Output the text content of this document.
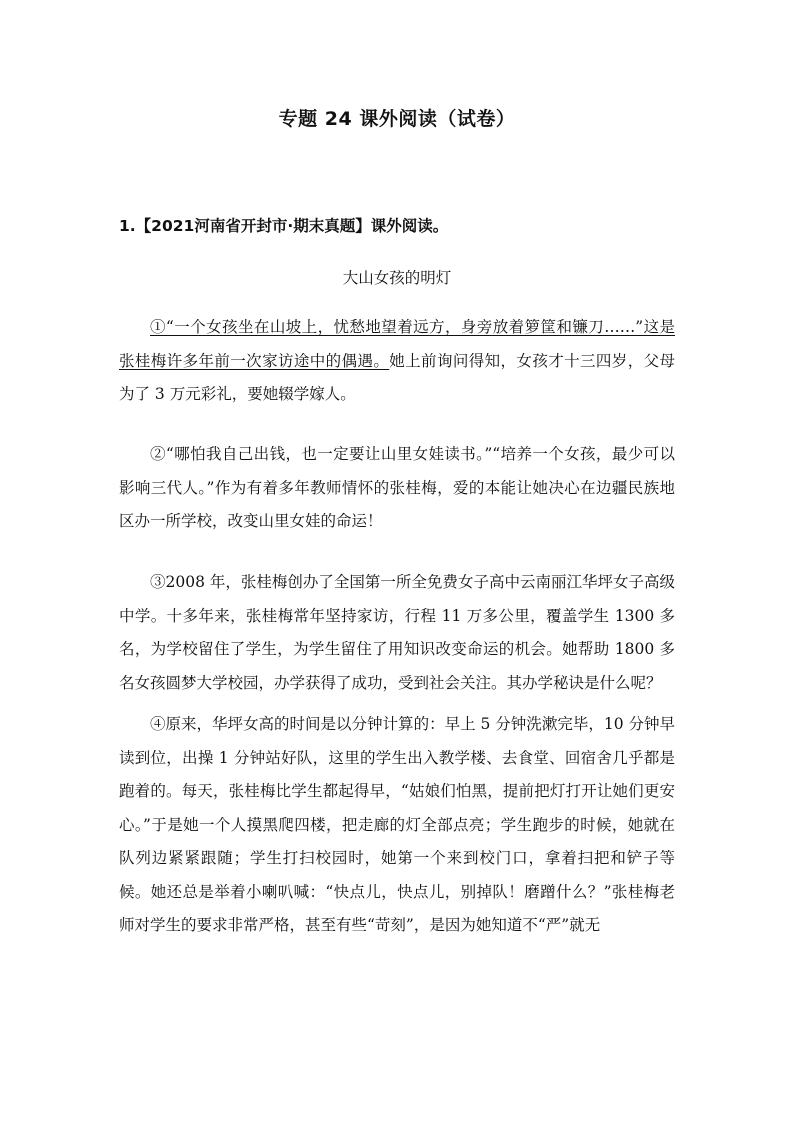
专题 24 课外阅读（试卷）
1.【2021河南省开封市·期末真题】课外阅读。
大山女孩的明灯

①“一个女孩坐在山坡上，忧愁地望着远方，身旁放着箩筐和镰刀……”这是张桂梅许多年前一次家访途中的偶遇。她上前询问得知，女孩才十三四岁，父母为了 3 万元彩礼，要她辍学嫁人。

②“哪怕我自己出钱，也一定要让山里女娃读书。”“培养一个女孩，最少可以影响三代人。”作为有着多年教师情怀的张桂梅，爱的本能让她决心在边疆民族地区办一所学校，改变山里女娃的命运！

③2008 年，张桂梅创办了全国第一所全免费女子高中云南丽江华坪女子高级中学。十多年来，张桂梅常年坚持家访，行程 11 万多公里，覆盖学生 1300 多名，为学校留住了学生，为学生留住了用知识改变命运的机会。她帮助 1800 多名女孩圆梦大学校园，办学获得了成功，受到社会关注。其办学秘诀是什么呢？

④原来，华坪女高的时间是以分钟计算的：早上 5 分钟洗漱完毕，10 分钟早读到位，出操 1 分钟站好队，这里的学生出入教学楼、去食堂、回宿舍几乎都是跑着的。每天，张桂梅比学生都起得早，“姑娘们怕黑，提前把灯打开让她们更安心。”于是她一个人摸黑爬四楼，把走廊的灯全部点亮；学生跑步的时候，她就在队列边紧紧跟随；学生打扫校园时，她第一个来到校门口，拿着扫把和铲子等候。她还总是举着小喇叭喊：“快点儿，快点儿，别掉队！磨蹭什么？”张桂梅老师对学生的要求非常严格，甚至有些“苛刻”，是因为她知道不“严”就无
